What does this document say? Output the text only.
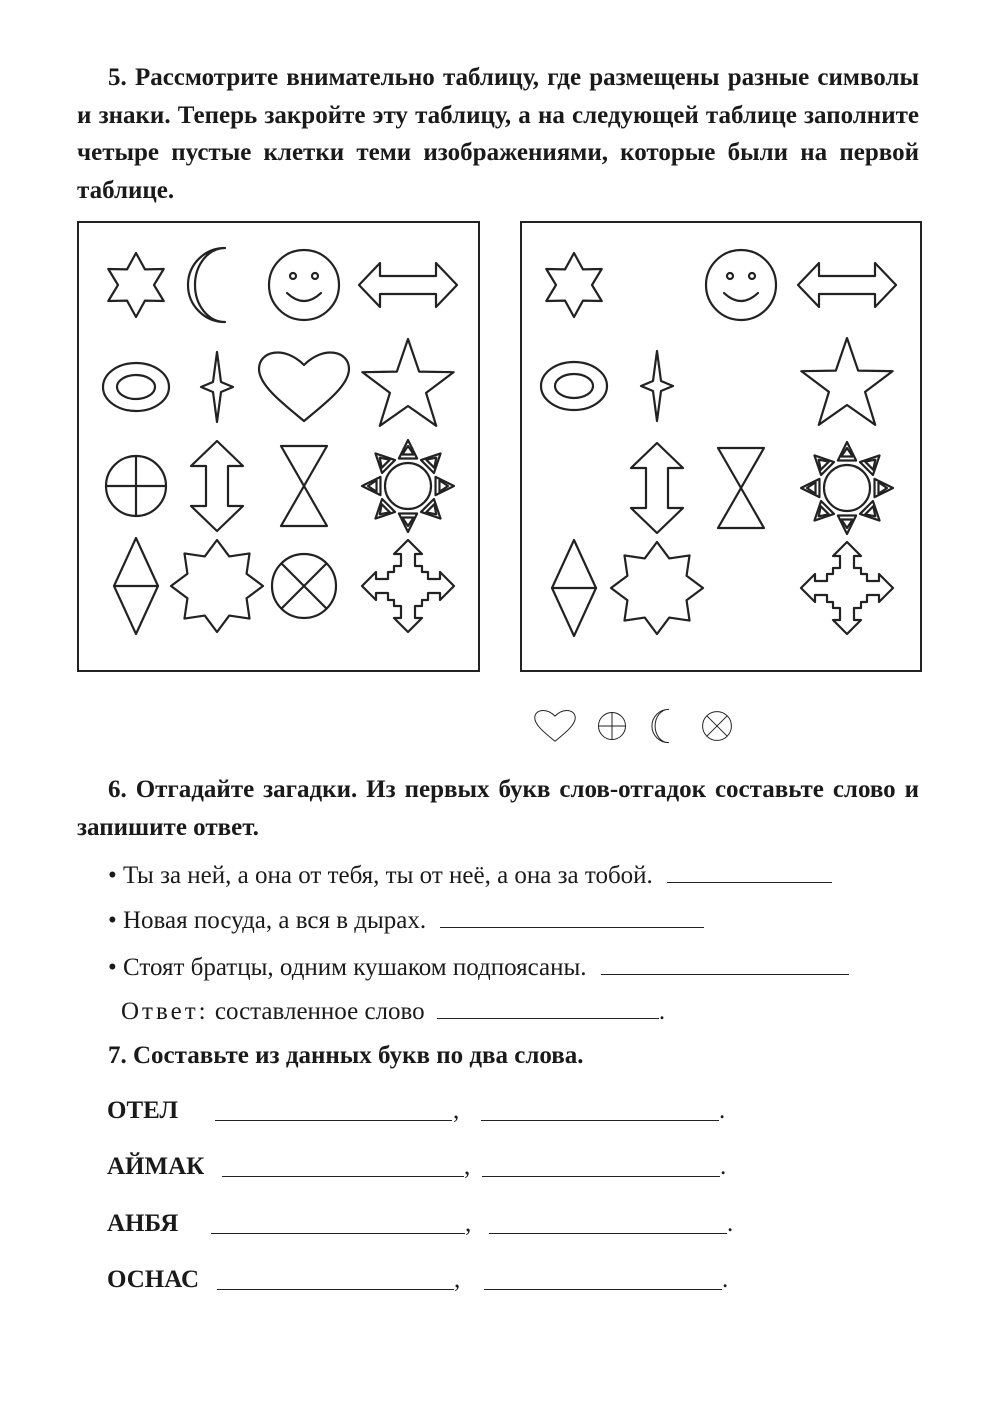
5. Рассмотрите внимательно таблицу, где размещены разные символы и знаки. Теперь закройте эту таблицу, а на следующей таблице заполните четыре пустые клетки теми изображениями, которые были на первой таблице.

6. Отгадайте загадки. Из первых букв слов-отгадок составьте слово и запишите ответ.

• Ты за ней, а она от тебя, ты от неё, а она за тобой.
• Новая посуда, а вся в дырах.
• Стоят братцы, одним кушаком подпоясаны.
Ответ: составленное слово	.

7. Составьте из данных букв по два слова.

ОТЕЛ	,	.
АЙМАК	,	.
АНБЯ	,	.
ОСНАС	,	.
